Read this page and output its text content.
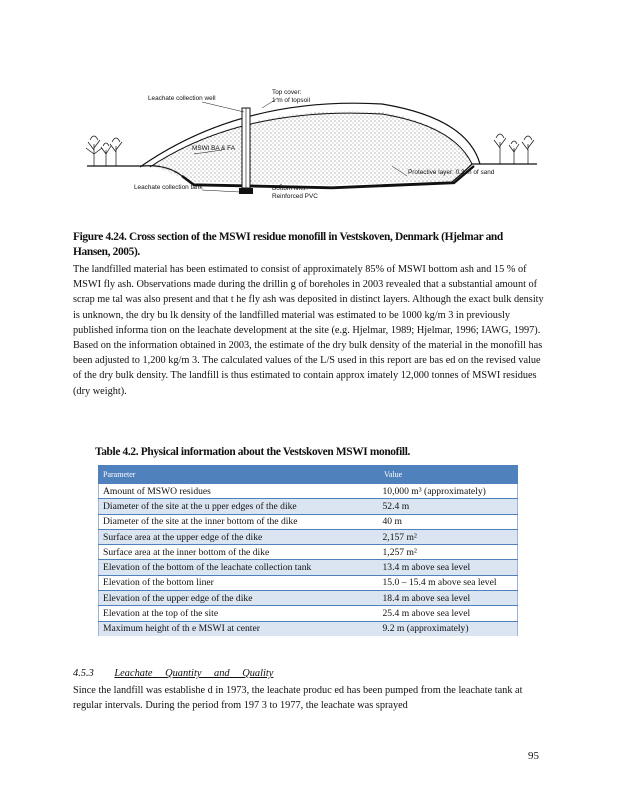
Leachate collection well
Top cover:
1 m of topsoil
MSWI BA & FA
Protective layer: 0.3 m of sand
Leachate collection tank	Bottom liner:
Reinforced PVC
Figure 4.24. Cross section of the MSWI residue monofill in Vestskoven, Denmark (Hjelmar and
Hansen, 2005).
The landfilled material has been estimated to consist of approximately 85% of MSWI bottom ash and 15 % of MSWI fly ash. Observations made during the drillin g of boreholes in 2003 revealed that a substantial amount of scrap me tal was also present and that t he fly ash was deposited in distinct layers. Although the exact bulk density is unknown, the dry bu lk density of the landfilled material was estimated to be 1000 kg/m 3 in previously published informa tion on the leachate development at the site (e.g. Hjelmar, 1989; Hjelmar, 1996; IAWG, 1997). Based on the information obtained in 2003, the estimate of the dry bulk density of the material in the monofill has been adjusted to 1,200 kg/m 3. The calculated values of the L/S used in this report are bas ed on the revised value of the dry bulk density. The landfill is thus estimated to contain approx imately 12,000 tonnes of MSWI residues (dry weight).
Table 4.2. Physical information about the Vestskoven MSWI monofill.
Parameter	Value
Amount of MSWO residues	10,000 m³ (approximately)
Diameter of the site at the u pper edges of the dike	52.4 m
Diameter of the site at the inner bottom of the dike	40 m
Surface area at the upper edge of the dike	2,157 m²
Surface area at the inner bottom of the dike	1,257 m²
Elevation of the bottom of the leachate collection tank	13.4 m above sea level
Elevation of the bottom liner	15.0 – 15.4 m above sea level
Elevation of the upper edge of the dike	18.4 m above sea level
Elevation at the top of the site	25.4 m above sea level
Maximum height of th e MSWI at center	9.2 m (approximately)
4.5.3 Leachate Quantity and Quality
Since the landfill was establishe d in 1973, the leachate produc ed has been pumped from the leachate tank at regular intervals. During the period from 197 3 to 1977, the leachate was sprayed
95
